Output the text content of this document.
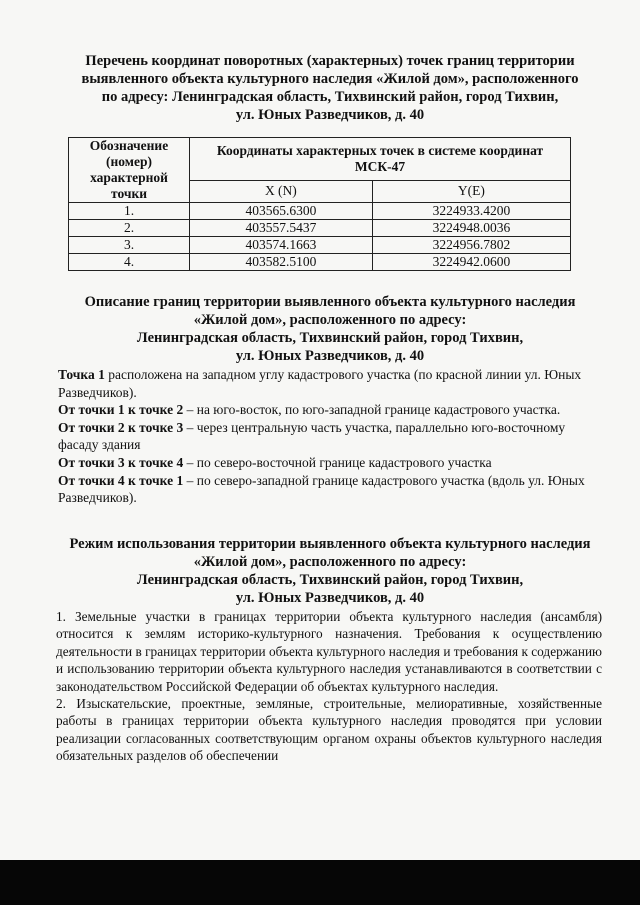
Перечень координат поворотных (характерных) точек границ территории
выявленного объекта культурного наследия «Жилой дом», расположенного
по адресу: Ленинградская область, Тихвинский район, город Тихвин,
ул. Юных Разведчиков, д. 40
Обозначение (номер) характерной точки	Координаты характерных точек в системе координат МСК-47	
	X (N)	Y(E)
1.	403565.6300	3224933.4200
2.	403557.5437	3224948.0036
3.	403574.1663	3224956.7802
4.	403582.5100	3224942.0600
Описание границ территории выявленного объекта культурного наследия
«Жилой дом», расположенного по адресу:
Ленинградская область, Тихвинский район, город Тихвин,
ул. Юных Разведчиков, д. 40

Точка 1 расположена на западном углу кадастрового участка (по красной линии ул. Юных Разведчиков).

От точки 1 к точке 2 – на юго-восток, по юго-западной границе кадастрового участка.

От точки 2 к точке 3 – через центральную часть участка, параллельно юго-восточному фасаду здания

От точки 3 к точке 4 – по северо-восточной границе кадастрового участка

От точки 4 к точке 1 – по северо-западной границе кадастрового участка (вдоль ул. Юных Разведчиков).

Режим использования территории выявленного объекта культурного наследия
«Жилой дом», расположенного по адресу:
Ленинградская область, Тихвинский район, город Тихвин,
ул. Юных Разведчиков, д. 40

1. Земельные участки в границах территории объекта культурного наследия (ансамбля) относится к землям историко-культурного назначения. Требования к осуществлению деятельности в границах территории объекта культурного наследия и требования к содержанию и использованию территории объекта культурного наследия устанавливаются в соответствии с законодательством Российской Федерации об объектах культурного наследия.

2. Изыскательские, проектные, земляные, строительные, мелиоративные, хозяйственные работы в границах территории объекта культурного наследия проводятся при условии реализации согласованных соответствующим органом охраны объектов культурного наследия обязательных разделов об обеспечении
